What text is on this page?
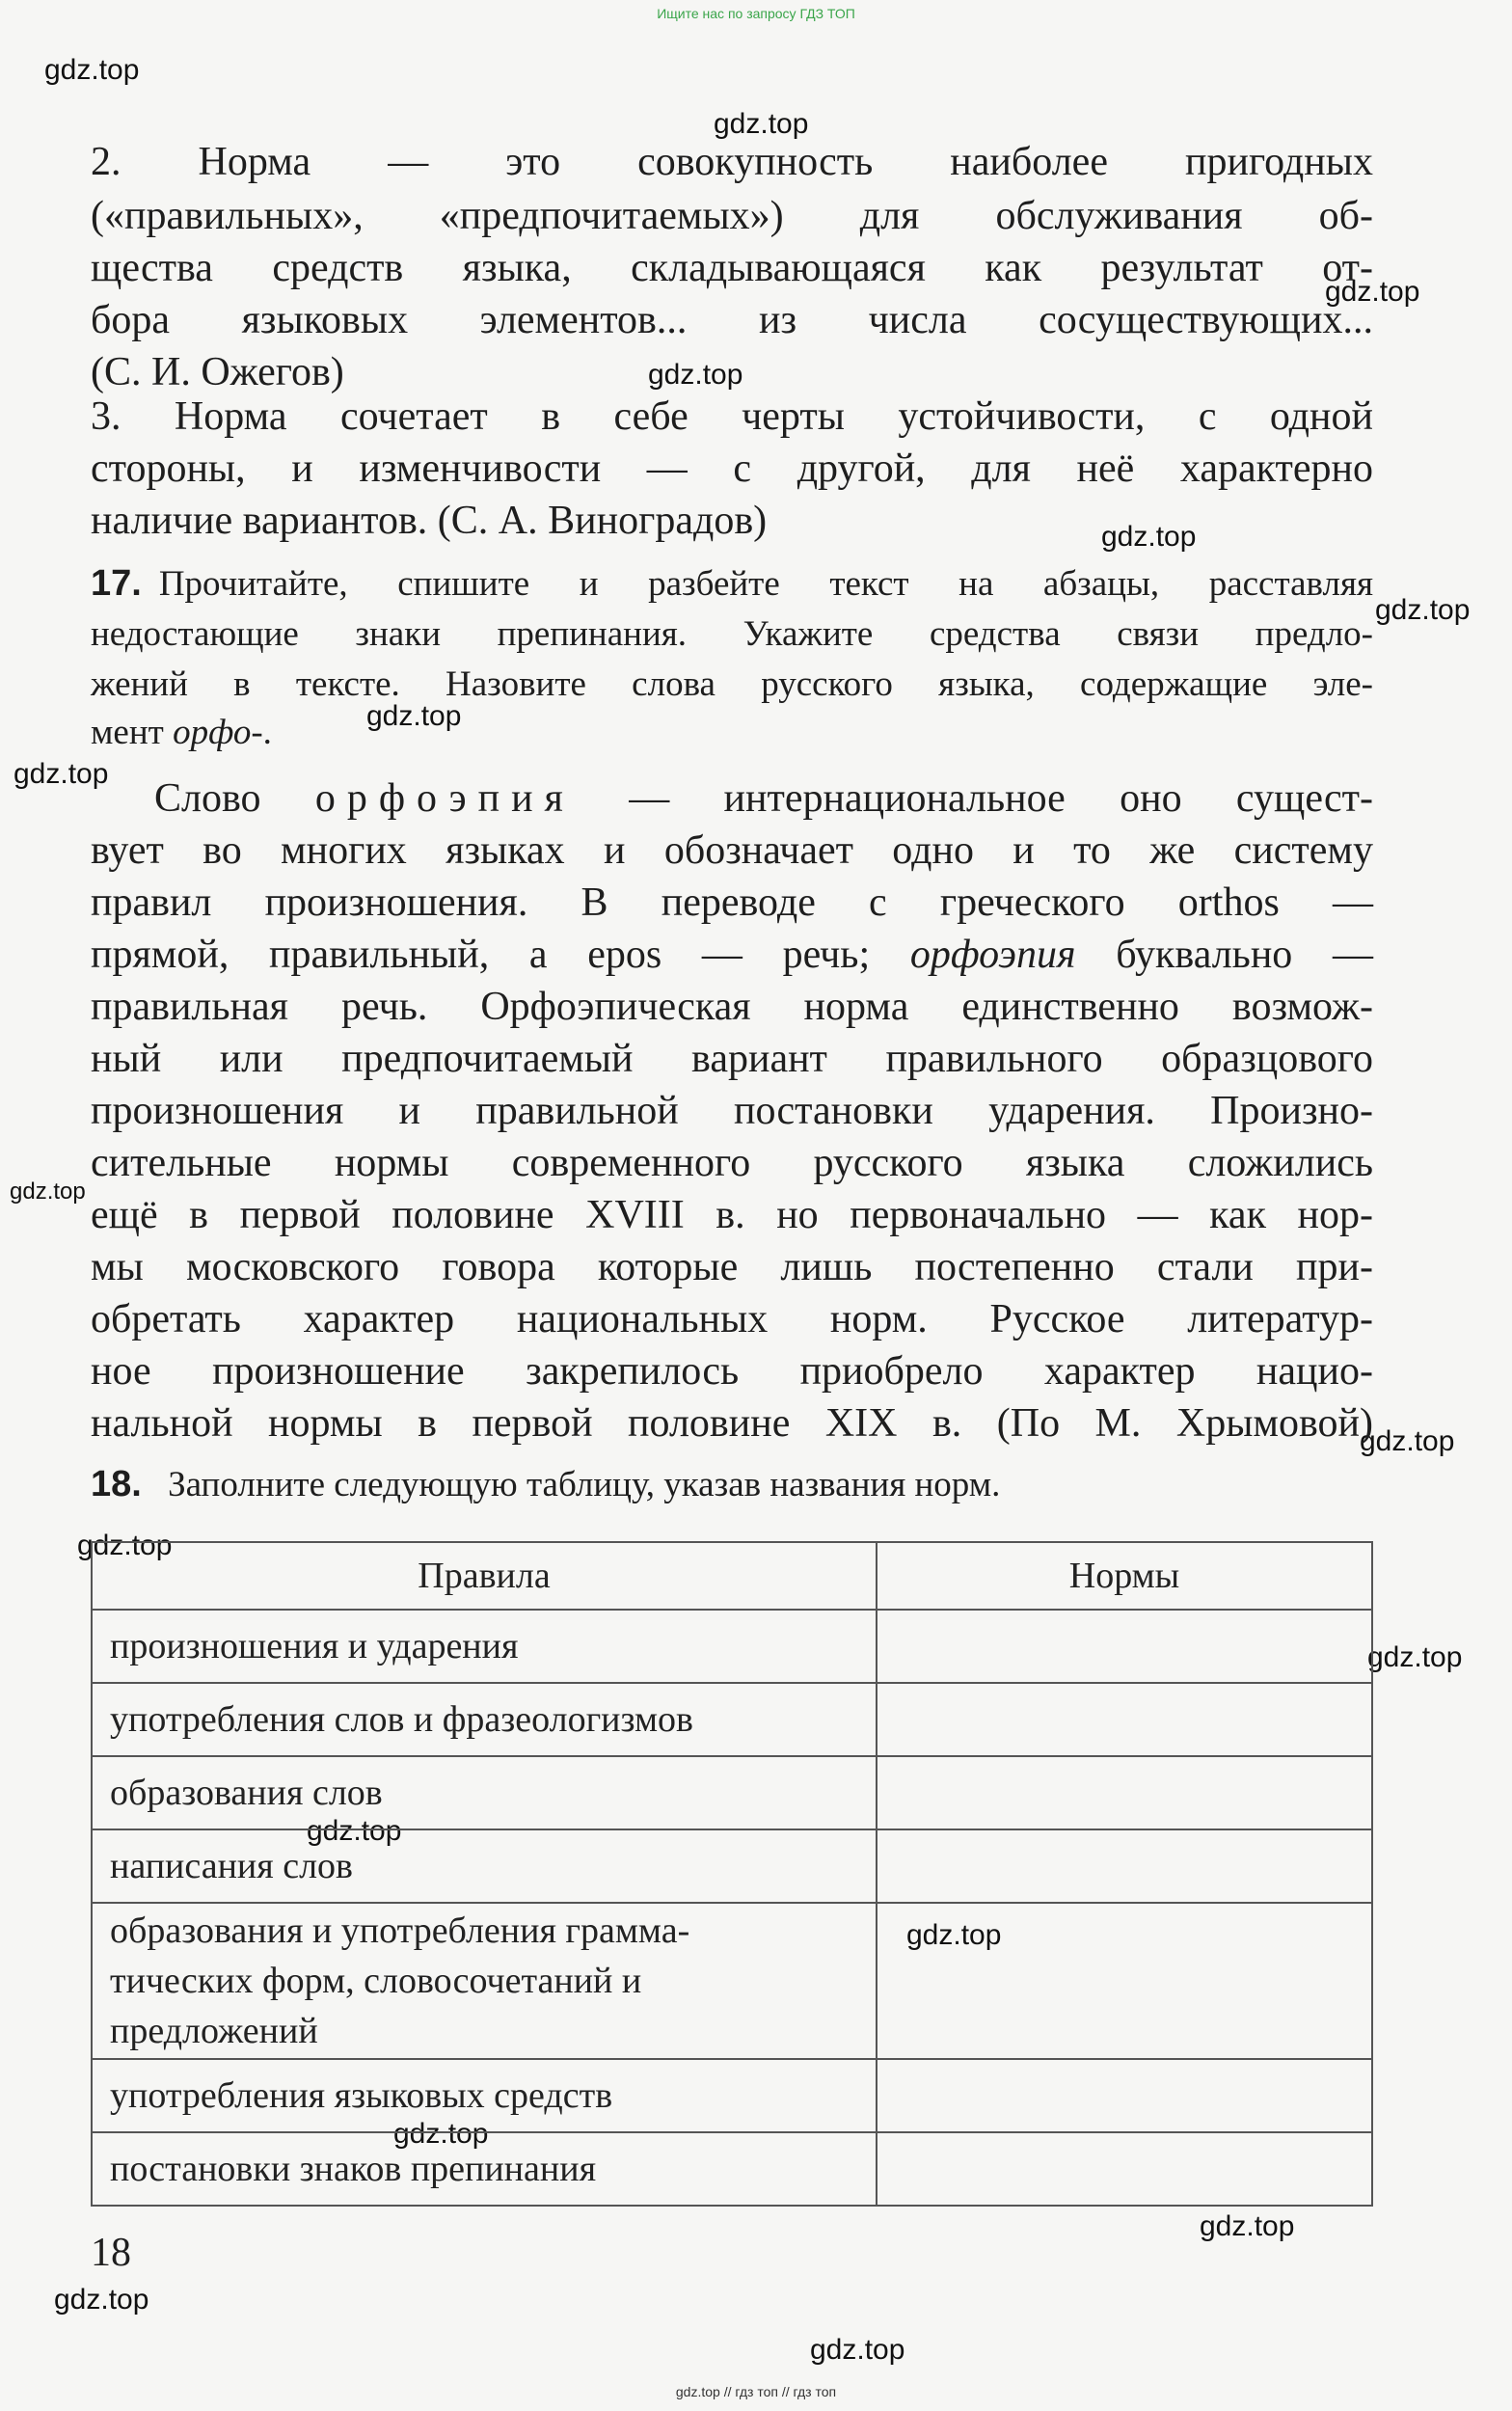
Ищите нас по запросу ГДЗ ТОП
gdz.top
gdz.top
gdz.top
gdz.top
gdz.top
gdz.top
gdz.top
gdz.top
gdz.top
gdz.top
gdz.top
gdz.top
gdz.top
gdz.top
gdz.top
gdz.top
gdz.top
gdz.top
2. Норма — это совокупность наиболее пригодных
(«правильных», «предпочитаемых») для обслуживания об-
щества средств языка, складывающаяся как результат от-
бора языковых элементов... из числа сосуществующих...
(С. И. Ожегов)
3. Норма сочетает в себе черты устойчивости, с одной
стороны, и изменчивости — с другой, для неё характерно
наличие вариантов. (С. А. Виноградов)
17. Прочитайте, спишите и разбейте текст на абзацы, расставляя
недостающие знаки препинания. Укажите средства связи предло-
жений в тексте. Назовите слова русского языка, содержащие эле-
мент орфо-.
Слово орфоэпия — интернациональное оно сущест-
вует во многих языках и обозначает одно и то же систему
правил произношения. В переводе с греческого orthos —
прямой, правильный, а epos — речь; орфоэпия буквально —
правильная речь. Орфоэпическая норма единственно возмож-
ный или предпочитаемый вариант правильного образцового
произношения и правильной постановки ударения. Произно-
сительные нормы современного русского языка сложились
ещё в первой половине XVIII в. но первоначально — как нор-
мы московского говора которые лишь постепенно стали при-
обретать характер национальных норм. Русское литератур-
ное произношение закрепилось приобрело характер нацио-
нальной нормы в первой половине XIX в. (По М. Хрымовой)
18. Заполните следующую таблицу, указав названия норм.
Правила	Нормы
произношения и ударения	
употребления слов и фразеологизмов	
образования слов	
написания слов	

образования и употребления грамма-
тических форм, словосочетаний и
предложений	

употребления языковых средств	
постановки знаков препинания	
18
gdz.top // гдз топ // гдз топ
